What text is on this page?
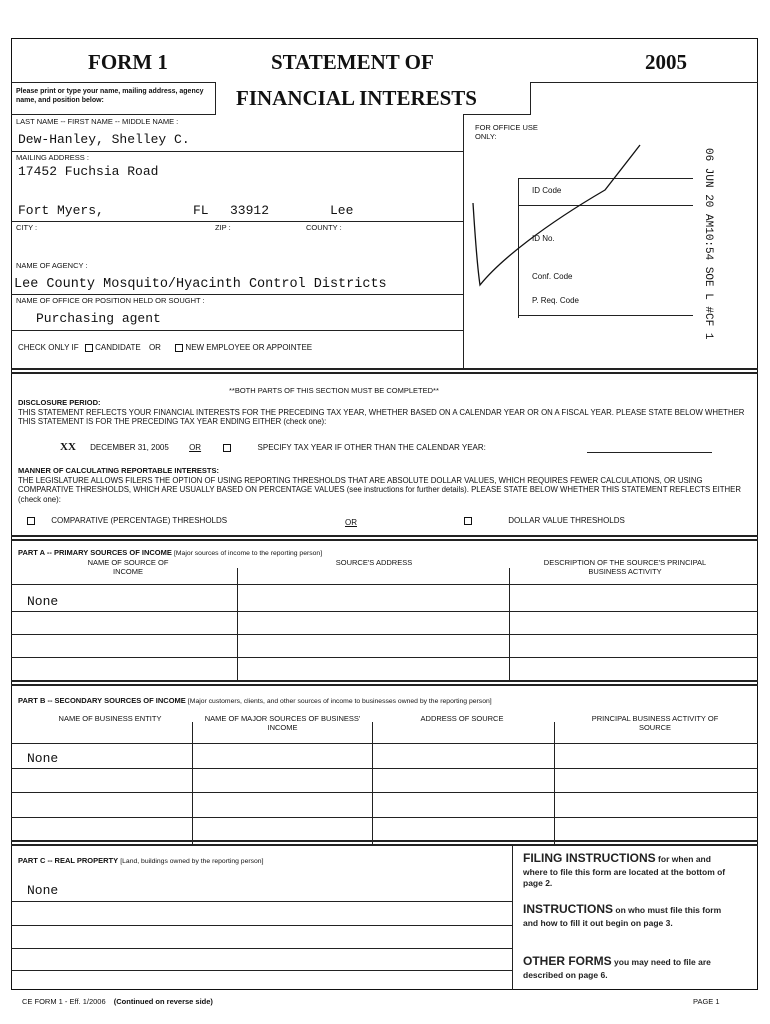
FORM 1	STATEMENT OF	2005
Please print or type your name, mailing address, agency name, and position below:	FINANCIAL INTERESTS
LAST NAME -- FIRST NAME -- MIDDLE NAME :
Dew-Hanley, Shelley C.
MAILING ADDRESS :
17452 Fuchsia Road
Fort Myers,	FL 33912	Lee
CITY :	ZIP :	COUNTY :
NAME OF AGENCY :
Lee County Mosquito/Hyacinth Control Districts
NAME OF OFFICE OR POSITION HELD OR SOUGHT :
Purchasing agent
CHECK ONLY IF CANDIDATE OR	NEW EMPLOYEE OR APPOINTEE
FOR OFFICE USE ONLY:
ID Code
ID No.
Conf. Code
P. Req. Code	06 JUN 20 AM10:54 SOE L #CF 1
**BOTH PARTS OF THIS SECTION MUST BE COMPLETED**
DISCLOSURE PERIOD:
THIS STATEMENT REFLECTS YOUR FINANCIAL INTERESTS FOR THE PRECEDING TAX YEAR, WHETHER BASED ON A CALENDAR YEAR OR ON A FISCAL YEAR. PLEASE STATE BELOW WHETHER THIS STATEMENT IS FOR THE PRECEDING TAX YEAR ENDING EITHER (check one):
XX DECEMBER 31, 2005	OR	SPECIFY TAX YEAR IF OTHER THAN THE CALENDAR YEAR:
MANNER OF CALCULATING REPORTABLE INTERESTS:
THE LEGISLATURE ALLOWS FILERS THE OPTION OF USING REPORTING THRESHOLDS THAT ARE ABSOLUTE DOLLAR VALUES, WHICH REQUIRES FEWER CALCULATIONS, OR USING COMPARATIVE THRESHOLDS, WHICH ARE USUALLY BASED ON PERCENTAGE VALUES (see instructions for further details). PLEASE STATE BELOW WHETHER THIS STATEMENT REFLECTS EITHER (check one):
COMPARATIVE (PERCENTAGE) THRESHOLDS	OR	DOLLAR VALUE THRESHOLDS
PART A -- PRIMARY SOURCES OF INCOME [Major sources of income to the reporting person]
NAME OF SOURCE OF INCOME
SOURCE'S ADDRESS	DESCRIPTION OF THE SOURCE'S PRINCIPAL BUSINESS ACTIVITY
None
PART B -- SECONDARY SOURCES OF INCOME [Major customers, clients, and other sources of income to businesses owned by the reporting person]
NAME OF BUSINESS ENTITY	NAME OF MAJOR SOURCES OF BUSINESS' INCOME
ADDRESS OF SOURCE	PRINCIPAL BUSINESS ACTIVITY OF SOURCE
None
PART C -- REAL PROPERTY [Land, buildings owned by the reporting person]
None
FILING INSTRUCTIONS for when and where to file this form are located at the bottom of page 2.
INSTRUCTIONS on who must file this form and how to fill it out begin on page 3.
OTHER FORMS you may need to file are described on page 6.
CE FORM 1 - Eff. 1/2006 (Continued on reverse side)	PAGE 1
